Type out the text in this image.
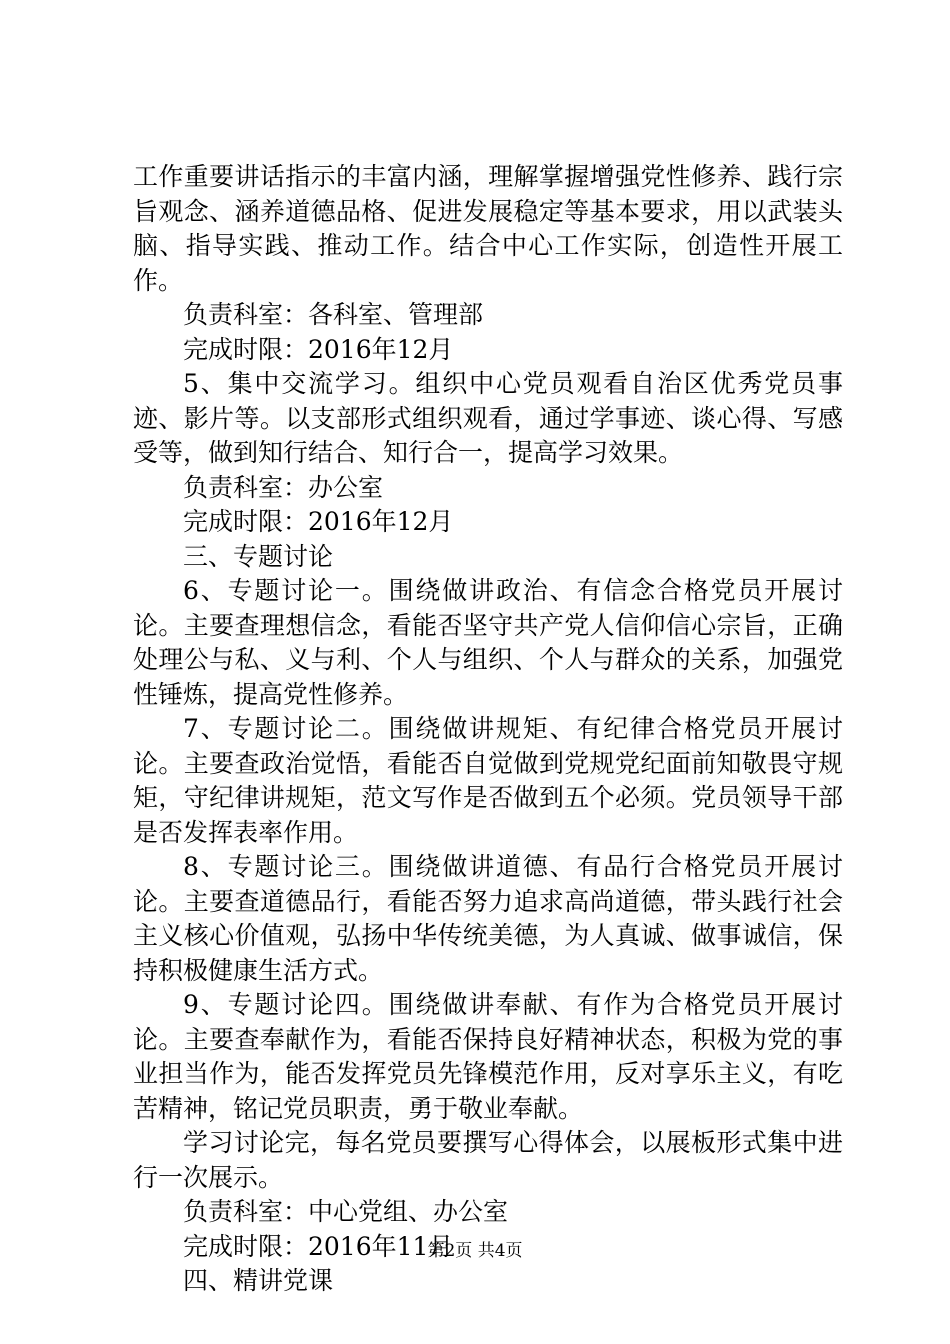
工作重要讲话指示的丰富内涵，理解掌握增强党性修养、践行宗旨观念、涵养道德品格、促进发展稳定等基本要求，用以武装头脑、指导实践、推动工作。结合中心工作实际，创造性开展工作。

负责科室：各科室、管理部

完成时限：2016年12月

5、集中交流学习。组织中心党员观看自治区优秀党员事迹、影片等。以支部形式组织观看，通过学事迹、谈心得、写感受等，做到知行结合、知行合一，提高学习效果。

负责科室：办公室

完成时限：2016年12月

三、专题讨论

6、专题讨论一。围绕做讲政治、有信念合格党员开展讨论。主要查理想信念，看能否坚守共产党人信仰信心宗旨，正确处理公与私、义与利、个人与组织、个人与群众的关系，加强党性锤炼，提高党性修养。

7、专题讨论二。围绕做讲规矩、有纪律合格党员开展讨论。主要查政治觉悟，看能否自觉做到党规党纪面前知敬畏守规矩，守纪律讲规矩，范文写作是否做到五个必须。党员领导干部是否发挥表率作用。

8、专题讨论三。围绕做讲道德、有品行合格党员开展讨论。主要查道德品行，看能否努力追求高尚道德，带头践行社会主义核心价值观，弘扬中华传统美德，为人真诚、做事诚信，保持积极健康生活方式。

9、专题讨论四。围绕做讲奉献、有作为合格党员开展讨论。主要查奉献作为，看能否保持良好精神状态，积极为党的事业担当作为，能否发挥党员先锋模范作用，反对享乐主义，有吃苦精神，铭记党员职责，勇于敬业奉献。

学习讨论完，每名党员要撰写心得体会，以展板形式集中进行一次展示。

负责科室：中心党组、办公室

完成时限：2016年11月

四、精讲党课

第2页 共4页
